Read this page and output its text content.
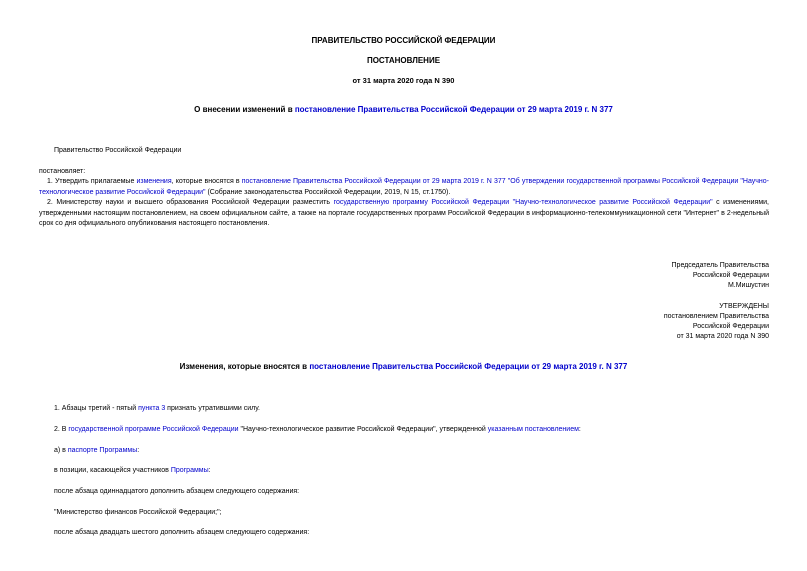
ПРАВИТЕЛЬСТВО РОССИЙСКОЙ ФЕДЕРАЦИИ
ПОСТАНОВЛЕНИЕ
от 31 марта 2020 года N 390
О внесении изменений в постановление Правительства Российской Федерации от 29 марта 2019 г. N 377
Правительство Российской Федерации
постановляет:
1. Утвердить прилагаемые изменения, которые вносятся в постановление Правительства Российской Федерации от 29 марта 2019 г. N 377 "Об утверждении государственной программы Российской Федерации "Научно-технологическое развитие Российской Федерации" (Собрание законодательства Российской Федерации, 2019, N 15, ст.1750).
2. Министерству науки и высшего образования Российской Федерации разместить государственную программу Российской Федерации "Научно-технологическое развитие Российской Федерации" с изменениями, утвержденными настоящим постановлением, на своем официальном сайте, а также на портале государственных программ Российской Федерации в информационно-телекоммуникационной сети "Интернет" в 2-недельный срок со дня официального опубликования настоящего постановления.
Председатель Правительства
Российской Федерации
М.Мишустин
УТВЕРЖДЕНЫ
постановлением Правительства
Российской Федерации
от 31 марта 2020 года N 390
Изменения, которые вносятся в постановление Правительства Российской Федерации от 29 марта 2019 г. N 377
1. Абзацы третий - пятый пункта 3 признать утратившими силу.
2. В государственной программе Российской Федерации "Научно-технологическое развитие Российской Федерации", утвержденной указанным постановлением:
а) в паспорте Программы:
в позиции, касающейся участников Программы:
после абзаца одиннадцатого дополнить абзацем следующего содержания:
"Министерство финансов Российской Федерации;";
после абзаца двадцать шестого дополнить абзацем следующего содержания:
